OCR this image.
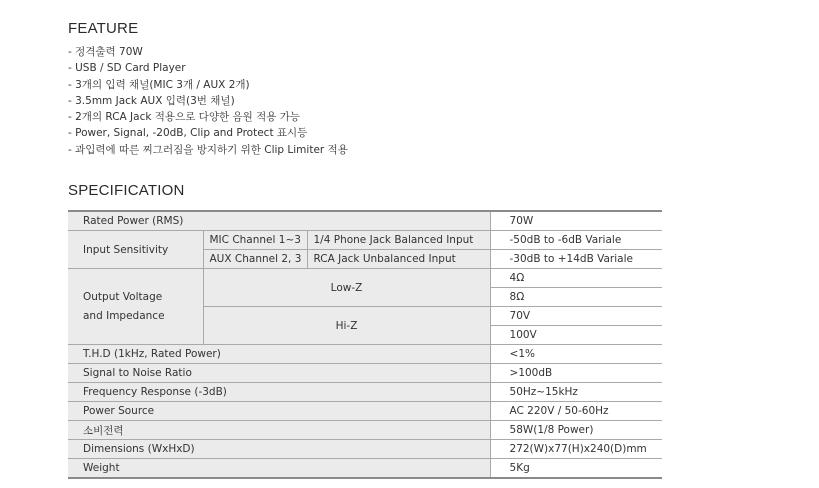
FEATURE
- 정격출력 70W
- USB / SD Card Player
- 3개의 입력 채널(MIC 3개 / AUX 2개)
- 3.5mm Jack AUX 입력(3번 채널)
- 2개의 RCA Jack 적용으로 다양한 음원 적용 가능
- Power, Signal, -20dB, Clip and Protect 표시등
- 과입력에 따른 찌그러짐을 방지하기 위한 Clip Limiter 적용
SPECIFICATION
Rated Power (RMS)			70W
Input Sensitivity	MIC Channel 1~3	1/4 Phone Jack Balanced Input	-50dB to -6dB Variale
	AUX Channel 2, 3	RCA Jack Unbalanced Input	-30dB to +14dB Variale
Output Voltage
and Impedance	Low-Z		4Ω
			8Ω
	Hi-Z		70V
			100V
T.H.D (1kHz, Rated Power)			<1%
Signal to Noise Ratio			>100dB
Frequency Response (-3dB)			50Hz~15kHz
Power Source			AC 220V / 50-60Hz
소비전력			58W(1/8 Power)
Dimensions (WxHxD)			272(W)x77(H)x240(D)mm
Weight			5Kg
